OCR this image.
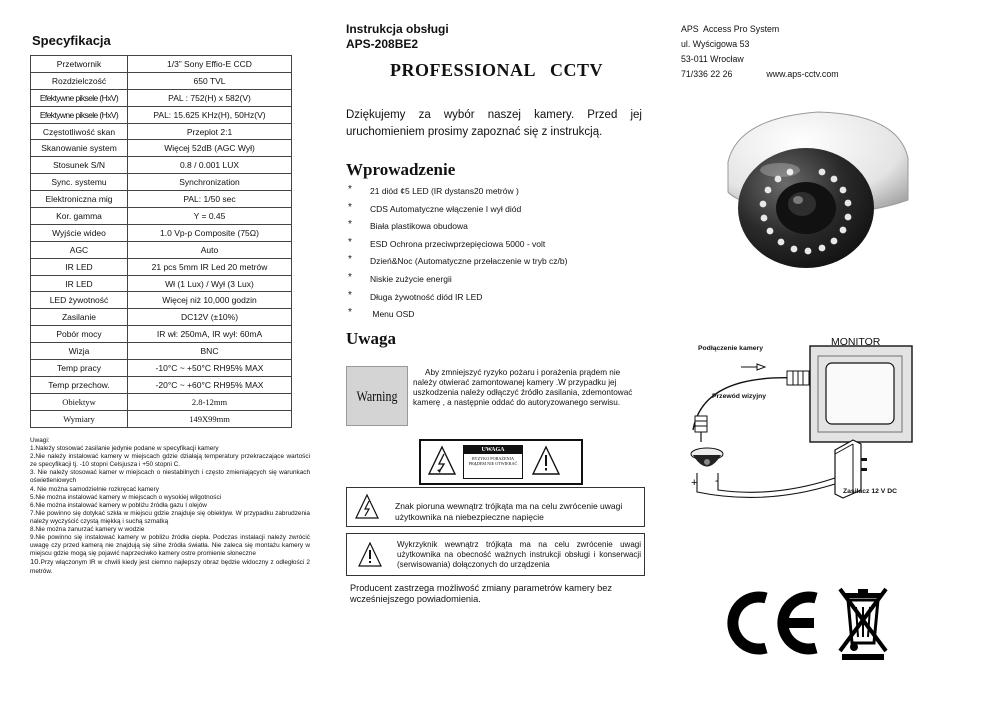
Specyfikacja
Przetwornik	1/3” Sony Effio-E CCD
Rozdzielczość	650 TVL
Efektywne piksele (HxV)	PAL : 752(H) x 582(V)
Efektywne piksele (HxV)	PAL: 15.625 KHz(H), 50Hz(V)
Częstotliwość skan	Przeplot 2:1
Skanowanie system	Więcej 52dB (AGC Wył)
Stosunek S/N	0.8 / 0.001 LUX
Sync. systemu	Synchronization
Elektroniczna mig	PAL: 1/50 sec
Kor. gamma	Y = 0.45
Wyjście wideo	1.0 Vp-p Composite (75Ω)
AGC	Auto
IR LED	21 pcs 5mm IR Led 20 metrów
IR LED	Wł (1 Lux) / Wył (3 Lux)
LED żywotność	Więcej niż 10,000 godzin
Zasilanie	DC12V (±10%)
Pobór mocy	IR wł: 250mA, IR wył: 60mA
Wizja	BNC
Temp pracy	-10°C ~ +50°C RH95% MAX
Temp przechow.	-20°C ~ +60°C RH95% MAX
Obiektyw	2.8-12mm
Wymiary	149X99mm
Uwagi:
1.Należy stosować zasilanie jedynie podane w specyfikacji kamery
2.Nie należy instalować kamery w miejscach gdzie działają temperatury przekraczające wartości ze specyfikacji tj. -10 stopni Celsjusza i +50 stopni C.
3. Nie należy stosować kamer w miejscach o niestabilnych i często zmieniających się warunkach oświetleniowych
4. Nie można samodzielnie rozkręcać kamery
5.Nie można instalować kamery w miejscach o wysokiej wilgotności
6.Nie można instalować kamery w pobliżu źródła gazu I olejów
7.Nie powinno się dotykać szkła w miejscu gdzie znajduje się obiektyw. W przypadku zabrudzenia należy wyczyścić czystą miękką i suchą szmatką
8.Nie można zanurzać kamery w wodzie
9.Nie powinno się instalować kamery w pobliżu źródła ciepła. Podczas instalacji należy zwrócić uwagę czy przed kamerą nie znajdują się silne źródła światła. Nie zaleca się montażu kamery w miejscu gdzie mogą się pojawić naprzeciwko kamery ostre promienie słoneczne
10.Przy włączonym IR w chwili kiedy jest ciemno najlepszy obraz będzie widoczny z odległości 2 metrów.
Instrukcja obsługi
APS-208BE2
PROFESSIONAL   CCTV
Dziękujemy za wybór naszej kamery. Przed jej uruchomieniem prosimy zapoznać się z instrukcją.
Wprowadzenie
* 21 diód ¢5 LED (IR dystans20 metrów )
* CDS Automatyczne włączenie I wył diód
* Biała plastikowa obudowa
* ESD Ochrona przeciwprzepięciowa 5000 - volt
* Dzień&Noc (Automatyczne przełaczenie w tryb cz/b)
* Niskie zużycie energii
* Długa żywotność diód IR LED
* Menu OSD
Uwaga
Warning
Aby zmniejszyć ryzyko pożaru i porażenia prądem nie należy otwierać zamontowanej kamery .W przypadku jej uszkodzenia należy odłączyć źródło zasilania, zdemontować kamerę , a następnie oddać do autoryzowanego serwisu.
UWAGA
RYZYKO PORAŻENIA PRĄDEM NIE OTWIERAĆ
Znak pioruna wewnątrz trójkąta ma na celu zwrócenie uwagi użytkownika na niebezpieczne napięcie
Wykrzyknik wewnątrz trójkąta ma na celu zwrócenie uwagi użytkownika na obecność ważnych instrukcji obsługi i konserwacji (serwisowania) dołączonych do urządzenia
Producent zastrzega możliwość zmiany parametrów kamery bez wcześniejszego powiadomienia.
APS  Access Pro System
ul. Wyścigowa 53
53-011 Wrocław
71/336 22 26	www.aps-cctv.com
+ -
Podłączenie kamery
MONITOR
Przewód wizyjny
Zasilacz 12 V DC
